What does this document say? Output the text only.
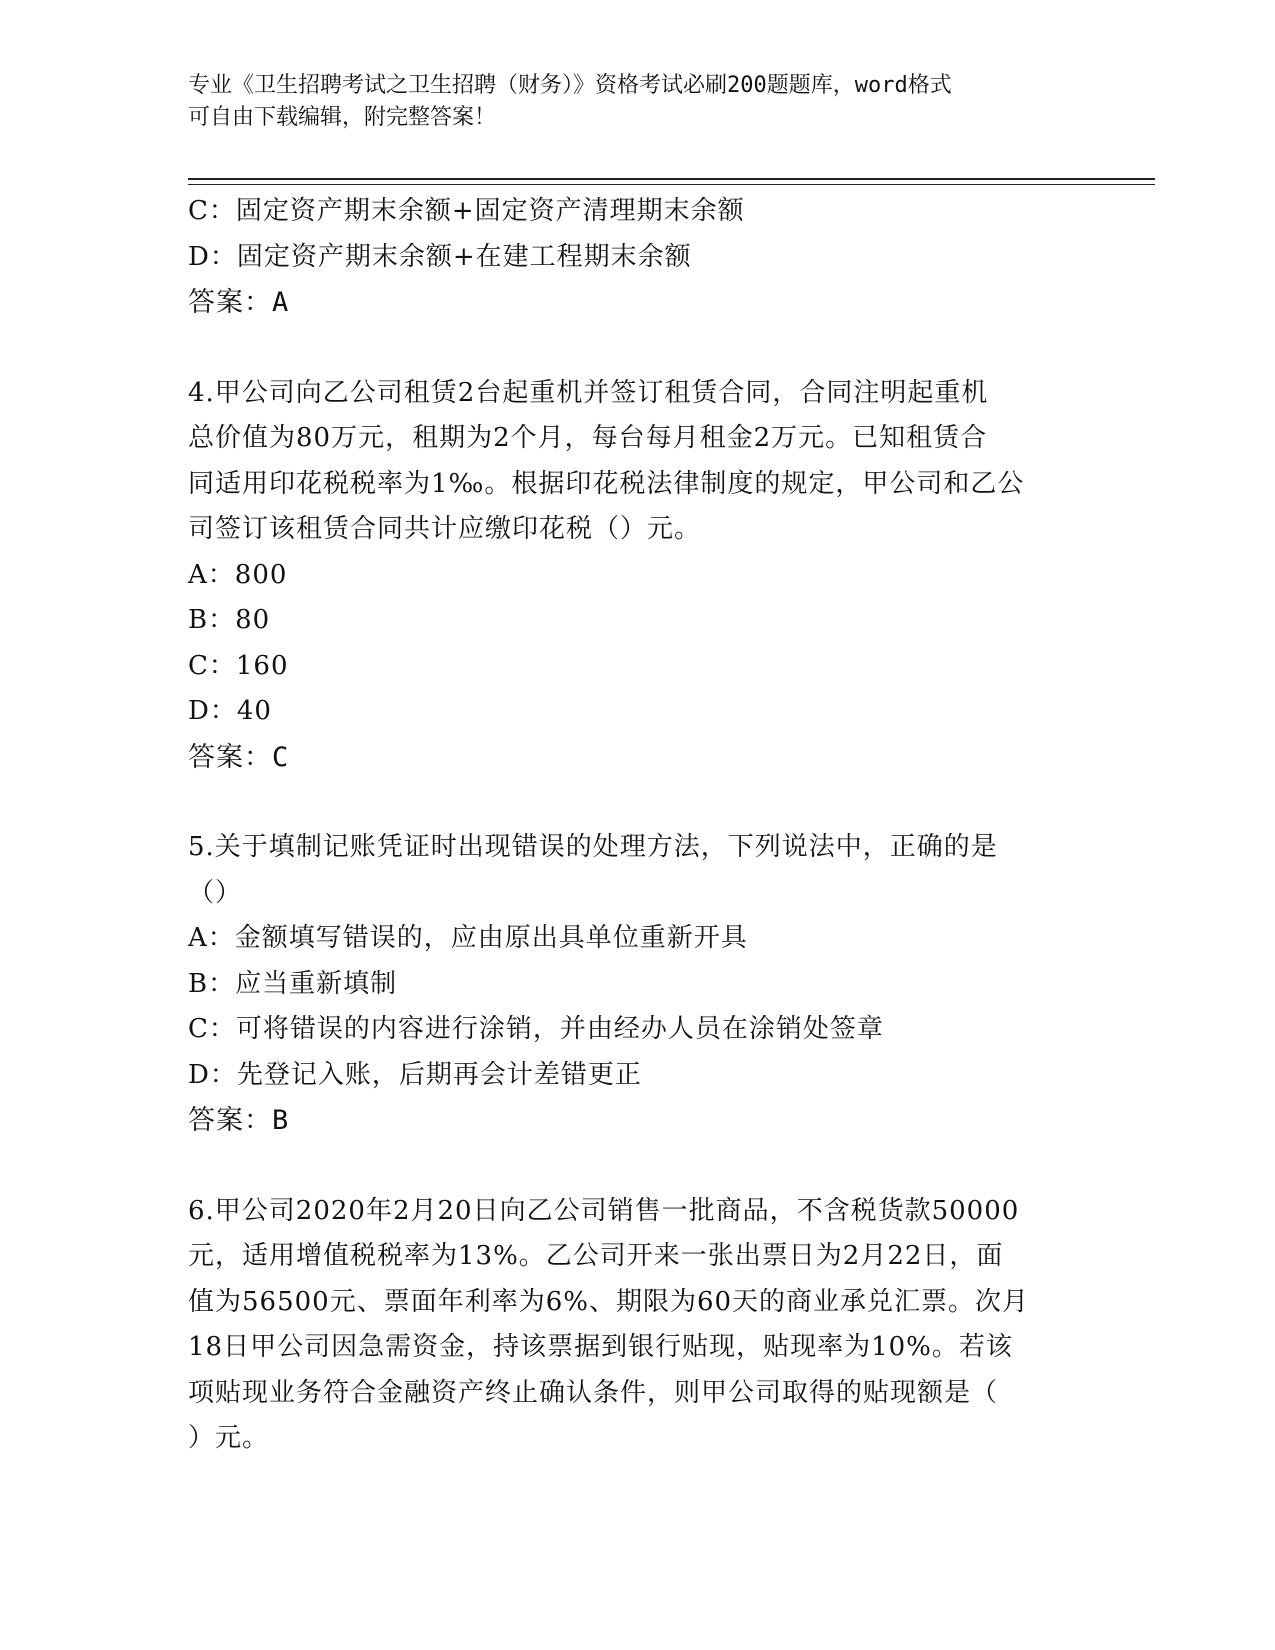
专业《卫生招聘考试之卫生招聘（财务）》资格考试必刷200题题库，word格式
可自由下载编辑，附完整答案！
C：固定资产期末余额+固定资产清理期末余额
D：固定资产期末余额+在建工程期末余额
答案：A
4.甲公司向乙公司租赁2台起重机并签订租赁合同，合同注明起重机
总价值为80万元，租期为2个月，每台每月租金2万元。已知租赁合
同适用印花税税率为1‰。根据印花税法律制度的规定，甲公司和乙公
司签订该租赁合同共计应缴印花税（）元。
A：800
B：80
C：160
D：40
答案：C
5.关于填制记账凭证时出现错误的处理方法，下列说法中，正确的是
（）
A：金额填写错误的，应由原出具单位重新开具
B：应当重新填制
C：可将错误的内容进行涂销，并由经办人员在涂销处签章
D：先登记入账，后期再会计差错更正
答案：B
6.甲公司2020年2月20日向乙公司销售一批商品，不含税货款50000
元，适用增值税税率为13%。乙公司开来一张出票日为2月22日，面
值为56500元、票面年利率为6%、期限为60天的商业承兑汇票。次月
18日甲公司因急需资金，持该票据到银行贴现，贴现率为10%。若该
项贴现业务符合金融资产终止确认条件，则甲公司取得的贴现额是（
）元。
